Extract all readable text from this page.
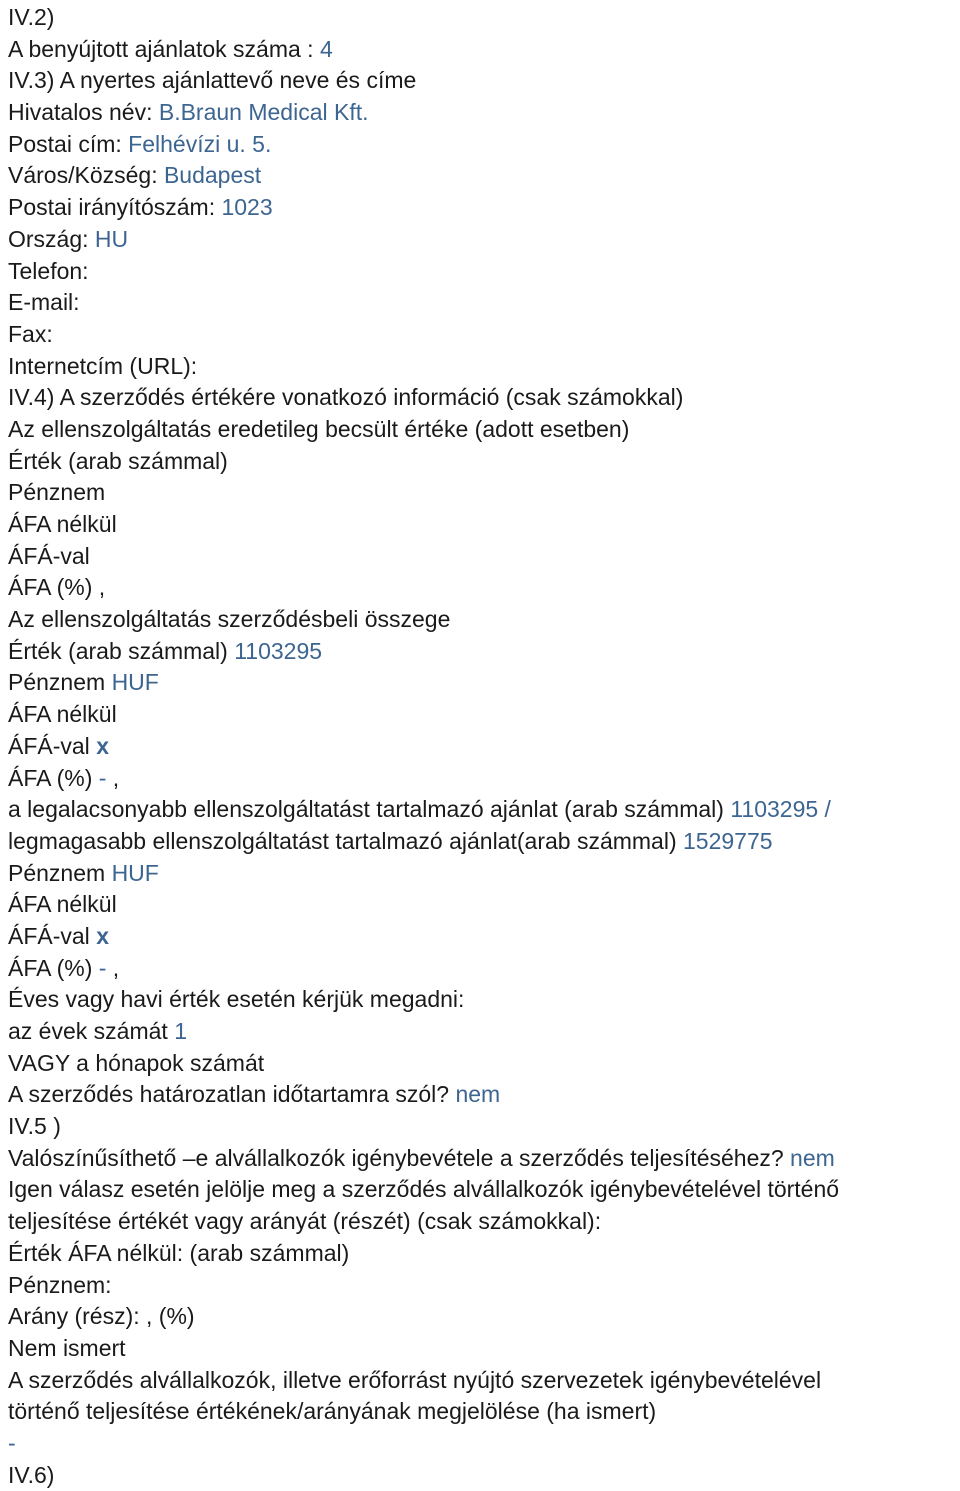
IV.2)
A benyújtott ajánlatok száma : 4
IV.3) A nyertes ajánlattevő neve és címe
Hivatalos név: B.Braun Medical Kft.
Postai cím: Felhévízi u. 5.
Város/Község: Budapest
Postai irányítószám: 1023
Ország: HU
Telefon:
E-mail:
Fax:
Internetcím (URL):
IV.4) A szerződés értékére vonatkozó információ (csak számokkal)
Az ellenszolgáltatás eredetileg becsült értéke (adott esetben)
Érték (arab számmal)
Pénznem
ÁFA nélkül
ÁFÁ-val
ÁFA (%) ,
Az ellenszolgáltatás szerződésbeli összege
Érték (arab számmal) 1103295
Pénznem HUF
ÁFA nélkül
ÁFÁ-val x
ÁFA (%) - ,
a legalacsonyabb ellenszolgáltatást tartalmazó ajánlat (arab számmal) 1103295 /
legmagasabb ellenszolgáltatást tartalmazó ajánlat(arab számmal) 1529775
Pénznem HUF
ÁFA nélkül
ÁFÁ-val x
ÁFA (%) - ,
Éves vagy havi érték esetén kérjük megadni:
az évek számát 1
VAGY a hónapok számát
A szerződés határozatlan időtartamra szól? nem
IV.5 )
Valószínűsíthető –e alvállalkozók igénybevétele a szerződés teljesítéséhez? nem
Igen válasz esetén jelölje meg a szerződés alvállalkozók igénybevételével történő
teljesítése értékét vagy arányát (részét) (csak számokkal):
Érték ÁFA nélkül: (arab számmal)
Pénznem:
Arány (rész): , (%)
Nem ismert
A szerződés alvállalkozók, illetve erőforrást nyújtó szervezetek igénybevételével
történő teljesítése értékének/arányának megjelölése (ha ismert)
-
IV.6)
